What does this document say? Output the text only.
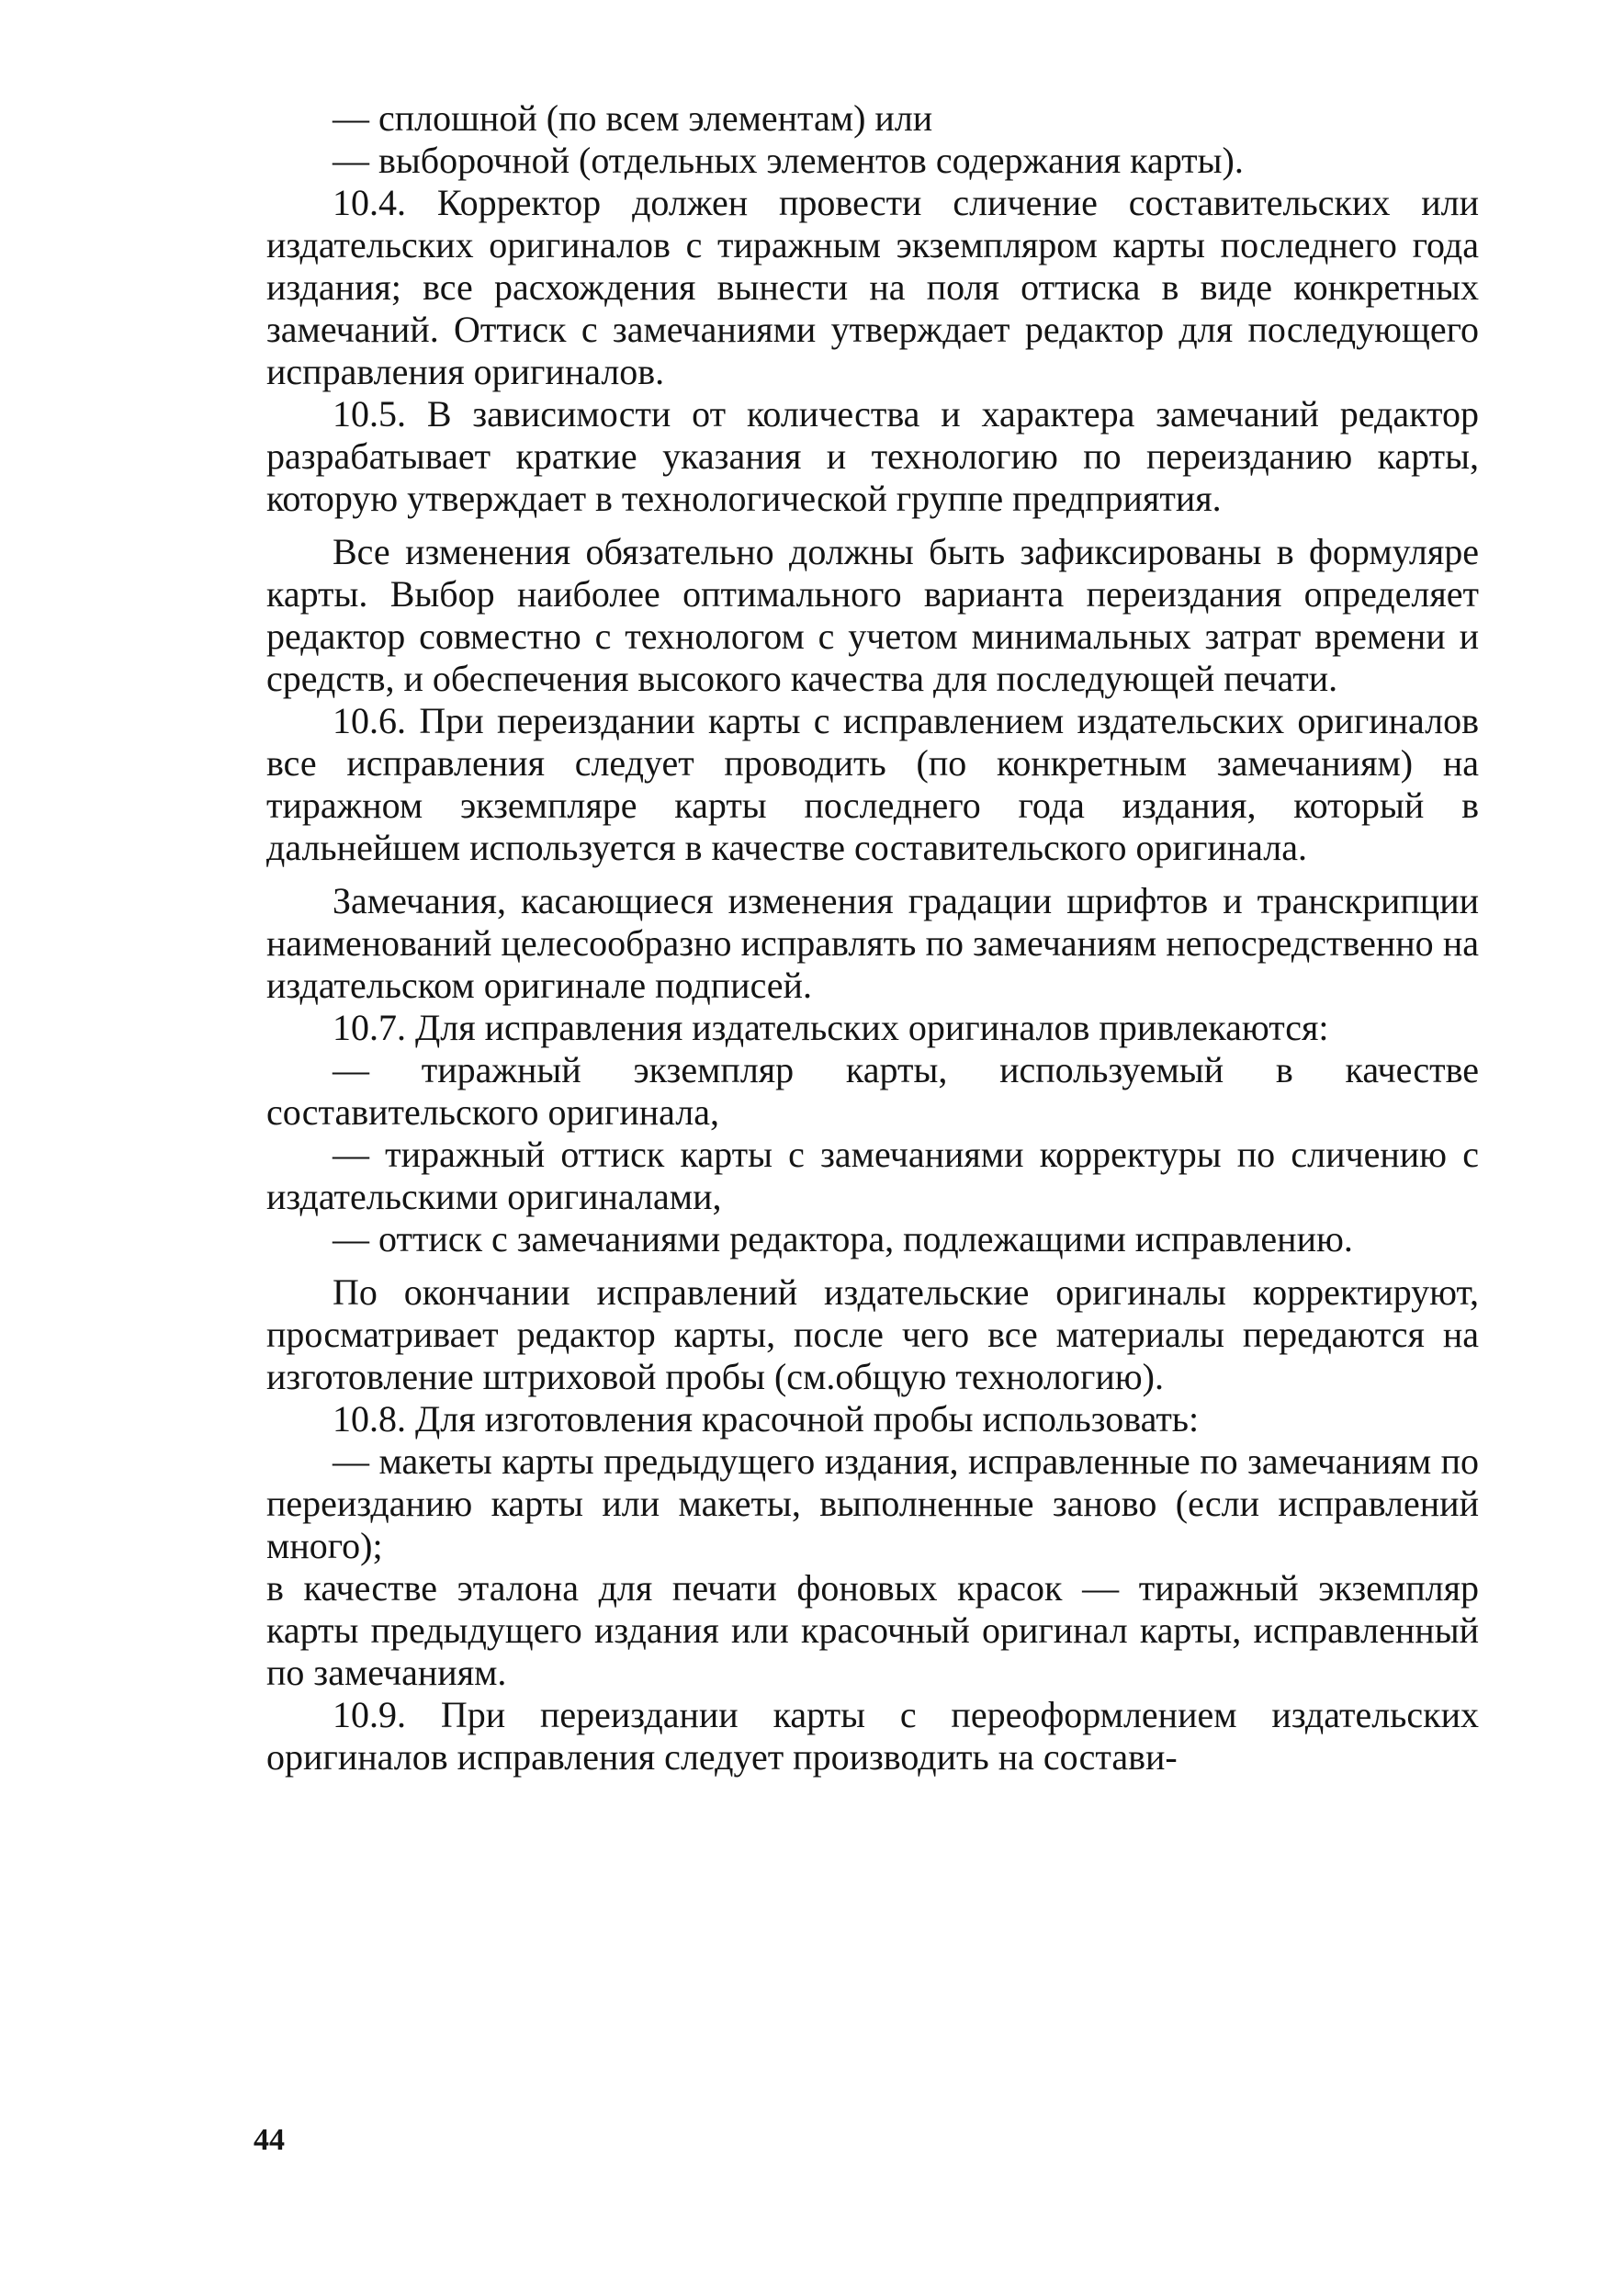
— сплошной (по всем элементам) или

— выборочной (отдельных элементов содержания карты).

10.4. Корректор должен провести сличение составительских или издательских оригиналов с тиражным экземпляром карты последнего года издания; все расхождения вынести на поля оттиска в виде конкретных замечаний. Оттиск с замечаниями утверждает редактор для последующего исправления оригиналов.

10.5. В зависимости от количества и характера замечаний редактор разрабатывает краткие указания и технологию по переизданию карты, которую утверждает в технологической группе предприятия.

Все изменения обязательно должны быть зафиксированы в формуляре карты. Выбор наиболее оптимального варианта переиздания определяет редактор совместно с технологом с учетом минимальных затрат времени и средств, и обеспечения высокого качества для последующей печати.

10.6. При переиздании карты с исправлением издательских оригиналов все исправления следует проводить (по конкретным замечаниям) на тиражном экземпляре карты последнего года издания, который в дальнейшем используется в качестве составительского оригинала.

Замечания, касающиеся изменения градации шрифтов и транскрипции наименований целесообразно исправлять по замечаниям непосредственно на издательском оригинале подписей.

10.7. Для исправления издательских оригиналов привлекаются:

— тиражный экземпляр карты, используемый в качестве составительского оригинала,

— тиражный оттиск карты с замечаниями корректуры по сличению с издательскими оригиналами,

— оттиск с замечаниями редактора, подлежащими исправлению.

По окончании исправлений издательские оригиналы корректируют, просматривает редактор карты, после чего все материалы передаются на изготовление штриховой пробы (см.общую технологию).

10.8. Для изготовления красочной пробы использовать:

— макеты карты предыдущего издания, исправленные по замечаниям по переизданию карты или макеты, выполненные заново (если исправлений много);

в качестве эталона для печати фоновых красок — тиражный экземпляр карты предыдущего издания или красочный оригинал карты, исправленный по замечаниям.

10.9. При переиздании карты с переоформлением издательских оригиналов исправления следует производить на состави-

44
